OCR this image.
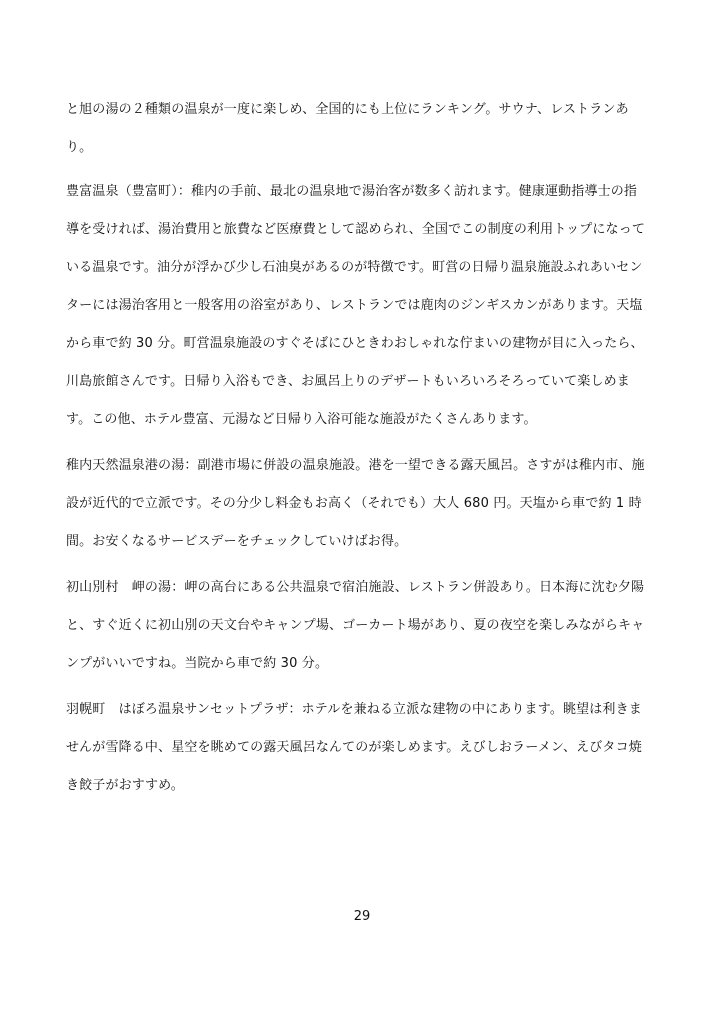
と旭の湯の２種類の温泉が一度に楽しめ、全国的にも上位にランキング。サウナ、レストランあ
り。
豊富温泉（豊富町）：稚内の手前、最北の温泉地で湯治客が数多く訪れます。健康運動指導士の指
導を受ければ、湯治費用と旅費など医療費として認められ、全国でこの制度の利用トップになって
いる温泉です。油分が浮かび少し石油臭があるのが特徴です。町営の日帰り温泉施設ふれあいセン
ターには湯治客用と一般客用の浴室があり、レストランでは鹿肉のジンギスカンがあります。天塩
から車で約 30 分。町営温泉施設のすぐそばにひときわおしゃれな佇まいの建物が目に入ったら、
川島旅館さんです。日帰り入浴もでき、お風呂上りのデザートもいろいろそろっていて楽しめま
す。この他、ホテル豊富、元湯など日帰り入浴可能な施設がたくさんあります。
稚内天然温泉港の湯：副港市場に併設の温泉施設。港を一望できる露天風呂。さすがは稚内市、施
設が近代的で立派です。その分少し料金もお高く（それでも）大人 680 円。天塩から車で約 1 時
間。お安くなるサービスデーをチェックしていけばお得。
初山別村　岬の湯：岬の高台にある公共温泉で宿泊施設、レストラン併設あり。日本海に沈む夕陽
と、すぐ近くに初山別の天文台やキャンプ場、ゴーカート場があり、夏の夜空を楽しみながらキャ
ンプがいいですね。当院から車で約 30 分。
羽幌町　はぼろ温泉サンセットプラザ：ホテルを兼ねる立派な建物の中にあります。眺望は利きま
せんが雪降る中、星空を眺めての露天風呂なんてのが楽しめます。えびしおラーメン、えびタコ焼
き餃子がおすすめ。
29
